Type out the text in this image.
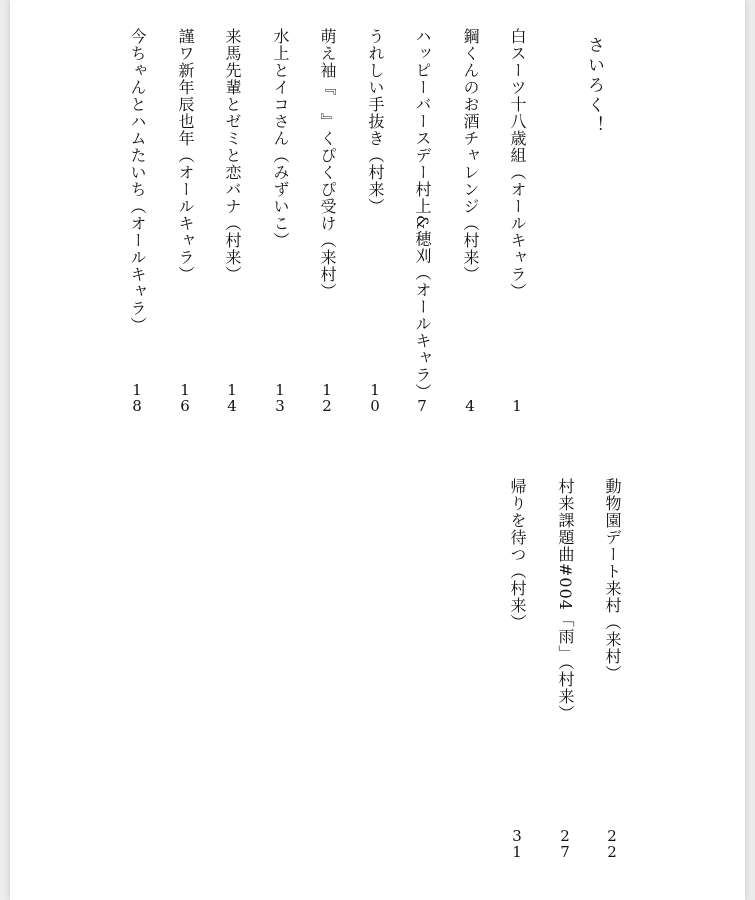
さいろく！
白スーツ十八歳組（オールキャラ）
1
鋼くんのお酒チャレンジ（村来）
4
ハッピーバースデー村上&穂刈（オールキャラ）
7
うれしい手抜き（村来）
1
0
萌え袖『　』くぴくぴ受け（来村）
1
2
水上とイコさん（みずいこ）
1
3
来馬先輩とゼミと恋バナ（村来）
1
4
謹ワ新年辰也年（オールキャラ）
1
6
今ちゃんとハムたいち（オールキャラ）
1
8
動物園デート来村（来村）
2
2
村来課題曲#004「雨」（村来）
2
7
帰りを待つ（村来）
3
1
